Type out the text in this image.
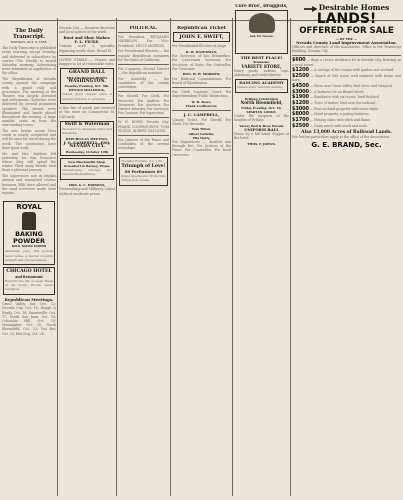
The Daily Transcript.
MONDAY, OCT. 8, 1888.

The Daily Transcript is published every morning except Monday, and delivered to subscribers by carrier. The Weekly is issued Saturday morning. Advertising rates furnished on application at the office.

The Republicans of Nevada county opened the campaign with a grand rally and procession. The meeting at the Theatre was largely attended and enthusiastic. Speeches were delivered by several prominent speakers. The streets were illuminated and bands played throughout the evening. A large number came in from the surrounding towns.

The new bridge across Deer creek is nearly completed and will be open for travel during the week. The contractors have done good work.

Mr. and Mrs. Baldwin left yesterday for San Francisco where they will spend the winter. Their many friends wish them a pleasant journey.

The supervisors met in regular session and transacted routine business. Bills were allowed and the road overseers made their reports.

ROYAL
BAKING
POWDER
ROYAL BAKING POWDER

Absolutely pure. This powder never varies. A marvel of purity, strength and wholesomeness.

CHICAGO HOTEL
and Restaurant

Board by the day or week. Meals at all hours. Rooms newly furnished.

Republican Meetings.

Grass Valley, Sat. Oct. 13; Nevada City, Oct. 15; Rough & Ready, Oct. 16; Smartsville, Oct. 17; North San Juan, Oct. 18; Columbia Hill, Oct. 19; Washington, Oct. 20; North Bloomfield, Oct. 22; You Bet, Oct. 23; Red Dog, Oct. 24.

Nevada City — Business directory and local notices of the week.

Boot and Shoe Maker.
F. L. FICKE.

Custom work a specialty. Repairing neatly done. Broad St.

LIVERY STABLE — Horses and buggies to let at reasonable rates.

GRAND BALL
THE EXCHANGE HOTEL
WASHINGTON.
Tuesday Evening, Oct. 9th.
DENNIS MILLERICK,

Tickets $2.00. Supper extra. A general invitation is extended.

A fine line of goods just received at the store on Commercial St. Call early.

Swift & Waterman

Promotion to American Labor and Industries.

REPUBLICAN MEETING.
J. G. CAMPBELL, ESQ.
NEVADA CITY.
Wednesday, October 10th
New Blacksmith Shop.
Gruenbert & Barney, Props.

Horseshoeing, Carriage and General Blacksmithing.

MRS. G. C. PARSONS,

Dressmaking and Millinery. Latest styles at moderate prices.

POLITICAL.

For President, BENJAMIN HARRISON. For Vice-President, LEVI P. MORTON.

For Presidential Electors — the regular Republican nominees for the State of California.

For Congress, Second District — the Republican nominee.

For Assembly — the candidates of the county convention.

For Sheriff, For Clerk, For Recorder, For Auditor, For Treasurer, For Assessor, For District Attorney, For Surveyor, For Coroner, For Supervisor.

W. H. ROWE, Nevada City. FRANK LOOFBOUROW. TOM TILTON. ALBERT GALLATIN.

For Justices of the Peace and Constables of the several townships.

Thursday Evening, Oct. 11th.

Triumph of Love!
80 Performers 60

Grand Spectacular Production. Tickets now on sale.

Republican Ticket
JOHN F. SWIFT,

For Presidential Electors at large.

R. W. WATERMAN,

For Governor, of San Bernardino. For Lieutenant Governor, For Secretary of State, For Controller, For Treasurer.

HON. W. W. MORROW,

For Railroad Commissioner. For Board of Equalization.

For Clerk Supreme Court. For Superintendent Public Instruction.

W. H. Rowe,
Frank Loofbourow,
J. C. CAMPBELL,

County Ticket. For Sheriff, For Clerk, For Recorder.

Tom Tilton,
Albert Gallatin,
Ella Harty,

For Supervisors — districts one through five. For Justices of the Peace. For Constables. For Road Overseers.

Cure Bros', Druggists,
Ask for Geese.
THE BEST PLACE!
Simmons'
VARIETY STORE,

Fancy goods, notions, toys, stationery and confectionery.

DANCING ACADEMY

Classes every Saturday evening.

Pythian Celebration
North Bloomfield,
Friday Evening, Oct. 19,
SPARTAN LODGE,

Under the auspices of the Knights of Pythias.

Vatery Bell & Hose Parade
UNIFORM BALL

Music by a full band. Supper at the hotel.

THOS. F. JOHNS.
Desirable Homes
LANDS!
OFFERED FOR SALE
— BY THE —
Nevada County Land Improvement Association.

Officers and directors of the Association. Office in the Transcript Building, Nevada City.

$600 — Buys a choice residence lot in Nevada City, fronting on a good street.

$1200 — A cottage of five rooms with garden and orchard.

$2500 — Ranch of 160 acres, well watered, with house and barn.

$4500 — Farm near Grass Valley, fruit trees and vineyard.

$3000 — A business lot on Broad Street.

$1900 — Residence with six rooms, hard finished.

$1200 — Tract of timber land near the railroad.

$3000 — Fine orchard property with water right.

$8000 — Hotel property, a paying business.

$1700 — Mining claim with ditch and flume.

$2500 — Dairy ranch with stock and tools.

Also 13,000 Acres of Railroad Lands.

For further particulars apply at the office of the Association.

G. E. BRAND, Sec.
